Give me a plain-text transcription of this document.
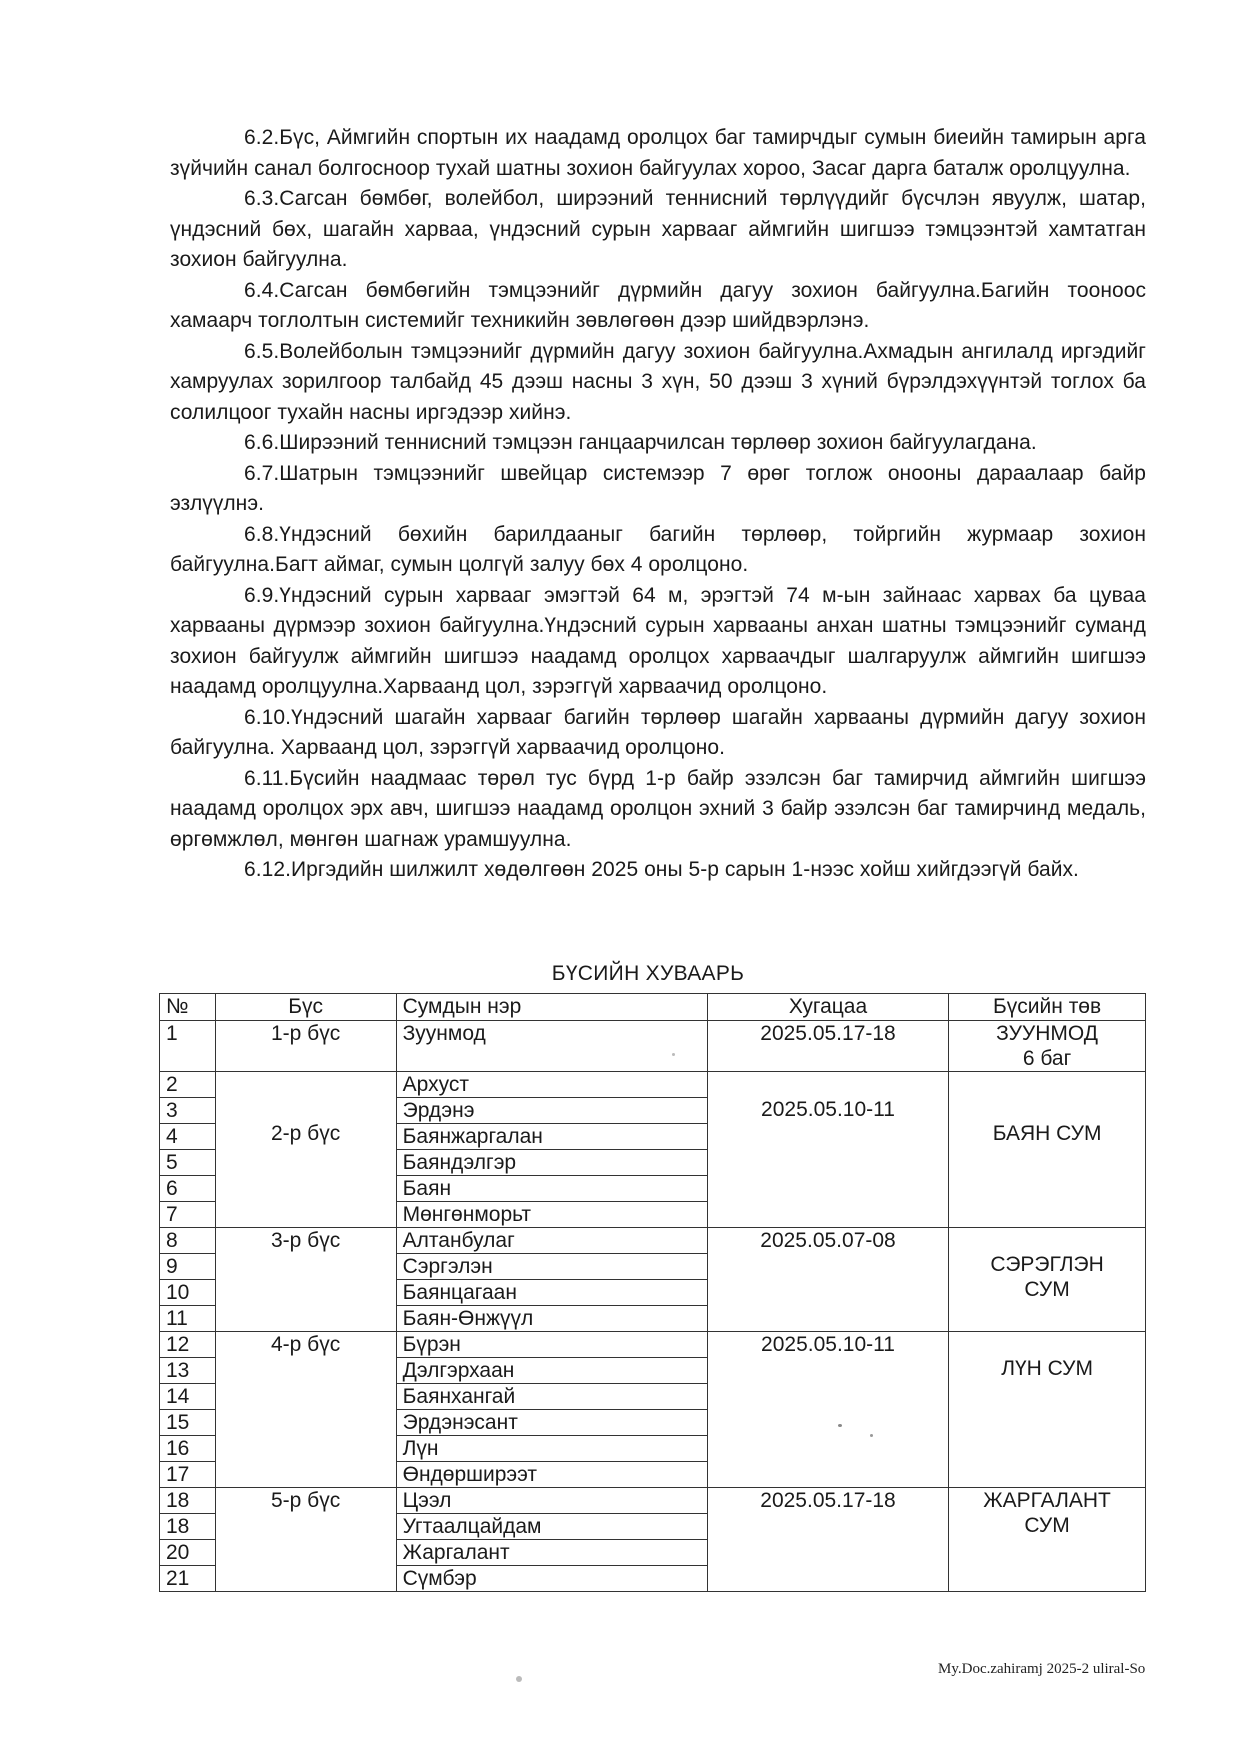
6.2.Бүс, Аймгийн спортын их наадамд оролцох баг тамирчдыг сумын биеийн тамирын арга зүйчийн санал болгосноор тухай шатны зохион байгуулах хороо, Засаг дарга баталж оролцуулна.

6.3.Сагсан бөмбөг, волейбол, ширээний теннисний төрлүүдийг бүсчлэн явуулж, шатар, үндэсний бөх, шагайн харваа, үндэсний сурын харвааг аймгийн шигшээ тэмцээнтэй хамтатган зохион байгуулна.

6.4.Сагсан бөмбөгийн тэмцээнийг дүрмийн дагуу зохион байгуулна.Багийн тооноос хамаарч тоглолтын системийг техникийн зөвлөгөөн дээр шийдвэрлэнэ.

6.5.Волейболын тэмцээнийг дүрмийн дагуу зохион байгуулна.Ахмадын ангилалд иргэдийг хамруулах зорилгоор талбайд 45 дээш насны 3 хүн, 50 дээш 3 хүний бүрэлдэхүүнтэй тоглох ба солилцоог тухайн насны иргэдээр хийнэ.

6.6.Ширээний теннисний тэмцээн ганцаарчилсан төрлөөр зохион байгуулагдана.

6.7.Шатрын тэмцээнийг швейцар системээр 7 өрөг тоглож онооны дараалаар байр эзлүүлнэ.

6.8.Үндэсний бөхийн барилдааныг багийн төрлөөр, тойргийн журмаар зохион байгуулна.Багт аймаг, сумын цолгүй залуу бөх 4 оролцоно.

6.9.Үндэсний сурын харвааг эмэгтэй 64 м, эрэгтэй 74 м-ын зайнаас харвах ба цуваа харвааны дүрмээр зохион байгуулна.Үндэсний сурын харвааны анхан шатны тэмцээнийг суманд зохион байгуулж аймгийн шигшээ наадамд оролцох харваачдыг шалгаруулж аймгийн шигшээ наадамд оролцуулна.Харваанд цол, зэрэггүй харваачид оролцоно.

6.10.Үндэсний шагайн харвааг багийн төрлөөр шагайн харвааны дүрмийн дагуу зохион байгуулна. Харваанд цол, зэрэггүй харваачид оролцоно.

6.11.Бүсийн наадмаас төрөл тус бүрд 1-р байр эзэлсэн баг тамирчид аймгийн шигшээ наадамд оролцох эрх авч, шигшээ наадамд оролцон эхний 3 байр эзэлсэн баг тамирчинд медаль, өргөмжлөл, мөнгөн шагнаж урамшуулна.

6.12.Иргэдийн шилжилт хөдөлгөөн 2025 оны 5-р сарын 1-нээс хойш хийгдээгүй байх.

БҮСИЙН ХУВААРЬ
№	Бүс	Сумдын нэр	Хугацаа	Бүсийн төв
1	1-р бүс	Зуунмод	2025.05.17-18	ЗУУНМОД
6 баг

2	2-р бүс	Архуст	2025.05.10-11	БАЯН СУМ

3		Эрдэнэ		
4		Баянжаргалан		
5		Баяндэлгэр		
6		Баян		
7		Мөнгөнморьт		
8	3-р бүс	Алтанбулаг	2025.05.07-08	СЭРЭГЛЭН
СУМ

9		Сэргэлэн		
10		Баянцагаан		
11		Баян-Өнжүүл		
12	4-р бүс	Бүрэн	2025.05.10-11	ЛҮН СУМ

13		Дэлгэрхаан		
14		Баянхангай		
15		Эрдэнэсант		
16		Лүн		
17		Өндөрширээт		
18	5-р бүс	Цээл	2025.05.17-18	ЖАРГАЛАНТ
СУМ

18		Угтаалцайдам		
20		Жаргалант		
21		Сүмбэр		
My.Doc.zahiramj 2025-2 uliral-So
